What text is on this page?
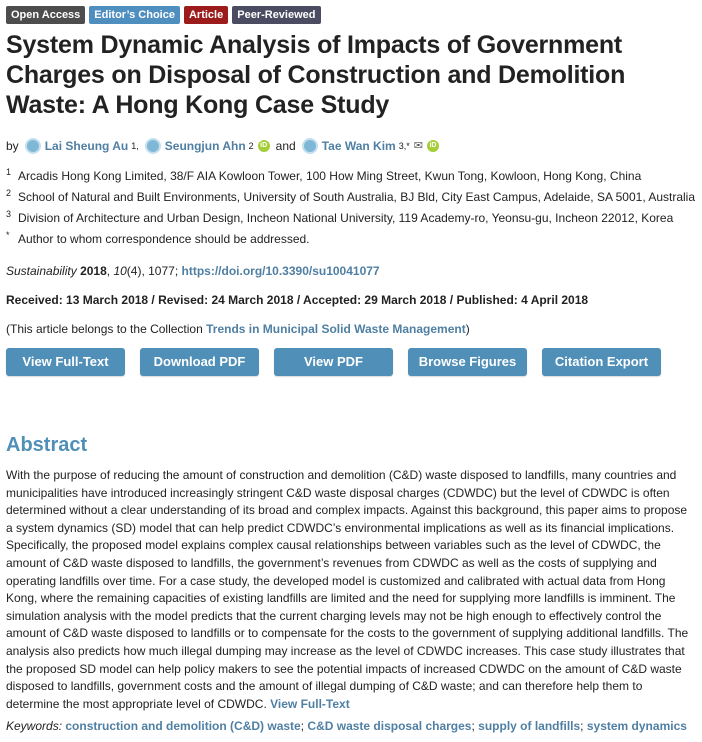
Open Access	Editor’s Choice	Article	Peer-Reviewed
System Dynamic Analysis of Impacts of Government Charges on Disposal of Construction and Demolition Waste: A Hong Kong Case Study
by Lai Sheung Au 1, Seungjun Ahn 2 iD and Tae Wan Kim 3,* ✉ iD
1 Arcadis Hong Kong Limited, 38/F AIA Kowloon Tower, 100 How Ming Street, Kwun Tong, Kowloon, Hong Kong, China
2 School of Natural and Built Environments, University of South Australia, BJ Bld, City East Campus, Adelaide, SA 5001, Australia
3 Division of Architecture and Urban Design, Incheon National University, 119 Academy-ro, Yeonsu-gu, Incheon 22012, Korea
* Author to whom correspondence should be addressed.
Sustainability 2018, 10(4), 1077; https://doi.org/10.3390/su10041077
Received: 13 March 2018 / Revised: 24 March 2018 / Accepted: 29 March 2018 / Published: 4 April 2018
(This article belongs to the Collection Trends in Municipal Solid Waste Management)
View Full-Text	Download PDF	View PDF	Browse Figures	Citation Export
Abstract
With the purpose of reducing the amount of construction and demolition (C&D) waste disposed to landfills, many countries and municipalities have introduced increasingly stringent C&D waste disposal charges (CDWDC) but the level of CDWDC is often determined without a clear understanding of its broad and complex impacts. Against this background, this paper aims to propose a system dynamics (SD) model that can help predict CDWDC’s environmental implications as well as its financial implications. Specifically, the proposed model explains complex causal relationships between variables such as the level of CDWDC, the amount of C&D waste disposed to landfills, the government’s revenues from CDWDC as well as the costs of supplying and operating landfills over time. For a case study, the developed model is customized and calibrated with actual data from Hong Kong, where the remaining capacities of existing landfills are limited and the need for supplying more landfills is imminent. The simulation analysis with the model predicts that the current charging levels may not be high enough to effectively control the amount of C&D waste disposed to landfills or to compensate for the costs to the government of supplying additional landfills. The analysis also predicts how much illegal dumping may increase as the level of CDWDC increases. This case study illustrates that the proposed SD model can help policy makers to see the potential impacts of increased CDWDC on the amount of C&D waste disposed to landfills, government costs and the amount of illegal dumping of C&D waste; and can therefore help them to determine the most appropriate level of CDWDC. View Full-Text
Keywords: construction and demolition (C&D) waste; C&D waste disposal charges; supply of landfills; system dynamics
